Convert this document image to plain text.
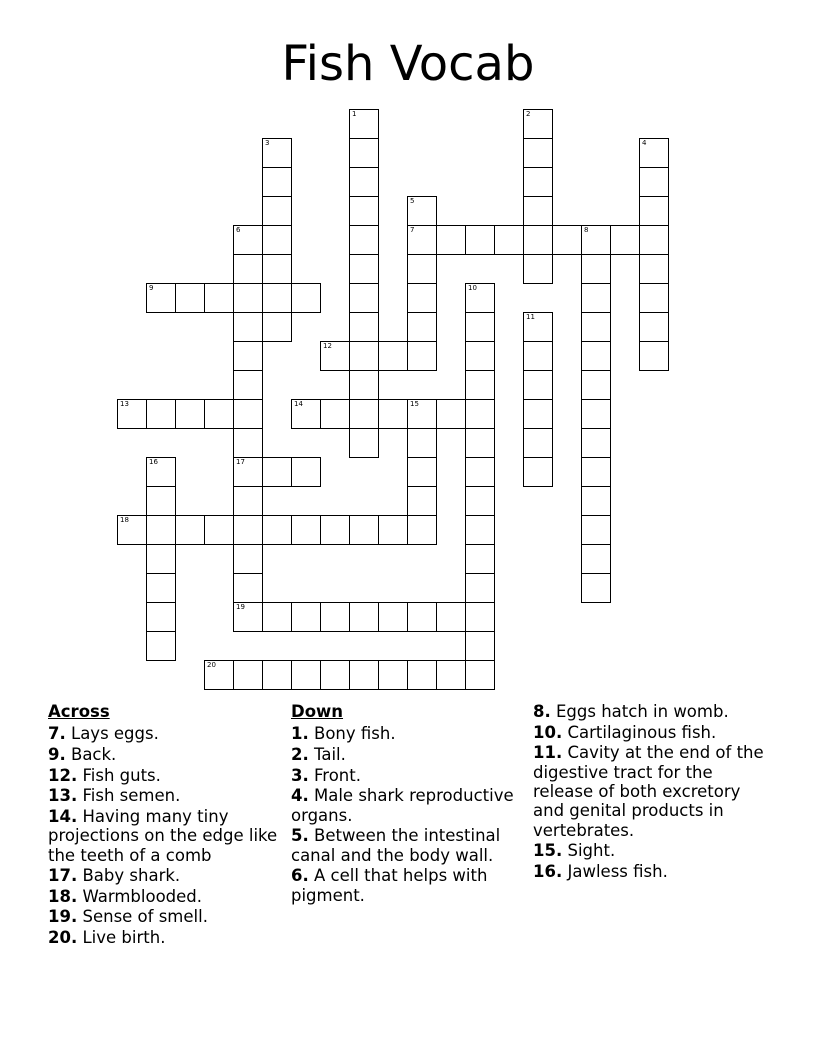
Fish Vocab
1	2
3	4
5
7
6
17
8
9	10
11
12
13	14	15
16
18
19
20
Across
7. Lays eggs.
9. Back.
12. Fish guts.
13. Fish semen.
14. Having many tiny projections on the edge like the teeth of a comb
17. Baby shark.
18. Warmblooded.
19. Sense of smell.
20. Live birth.
Down
1. Bony fish.
2. Tail.
3. Front.
4. Male shark reproductive organs.
5. Between the intestinal canal and the body wall.
6. A cell that helps with pigment.
8. Eggs hatch in womb.
10. Cartilaginous fish.
11. Cavity at the end of the digestive tract for the release of both excretory and genital products in vertebrates.
15. Sight.
16. Jawless fish.
